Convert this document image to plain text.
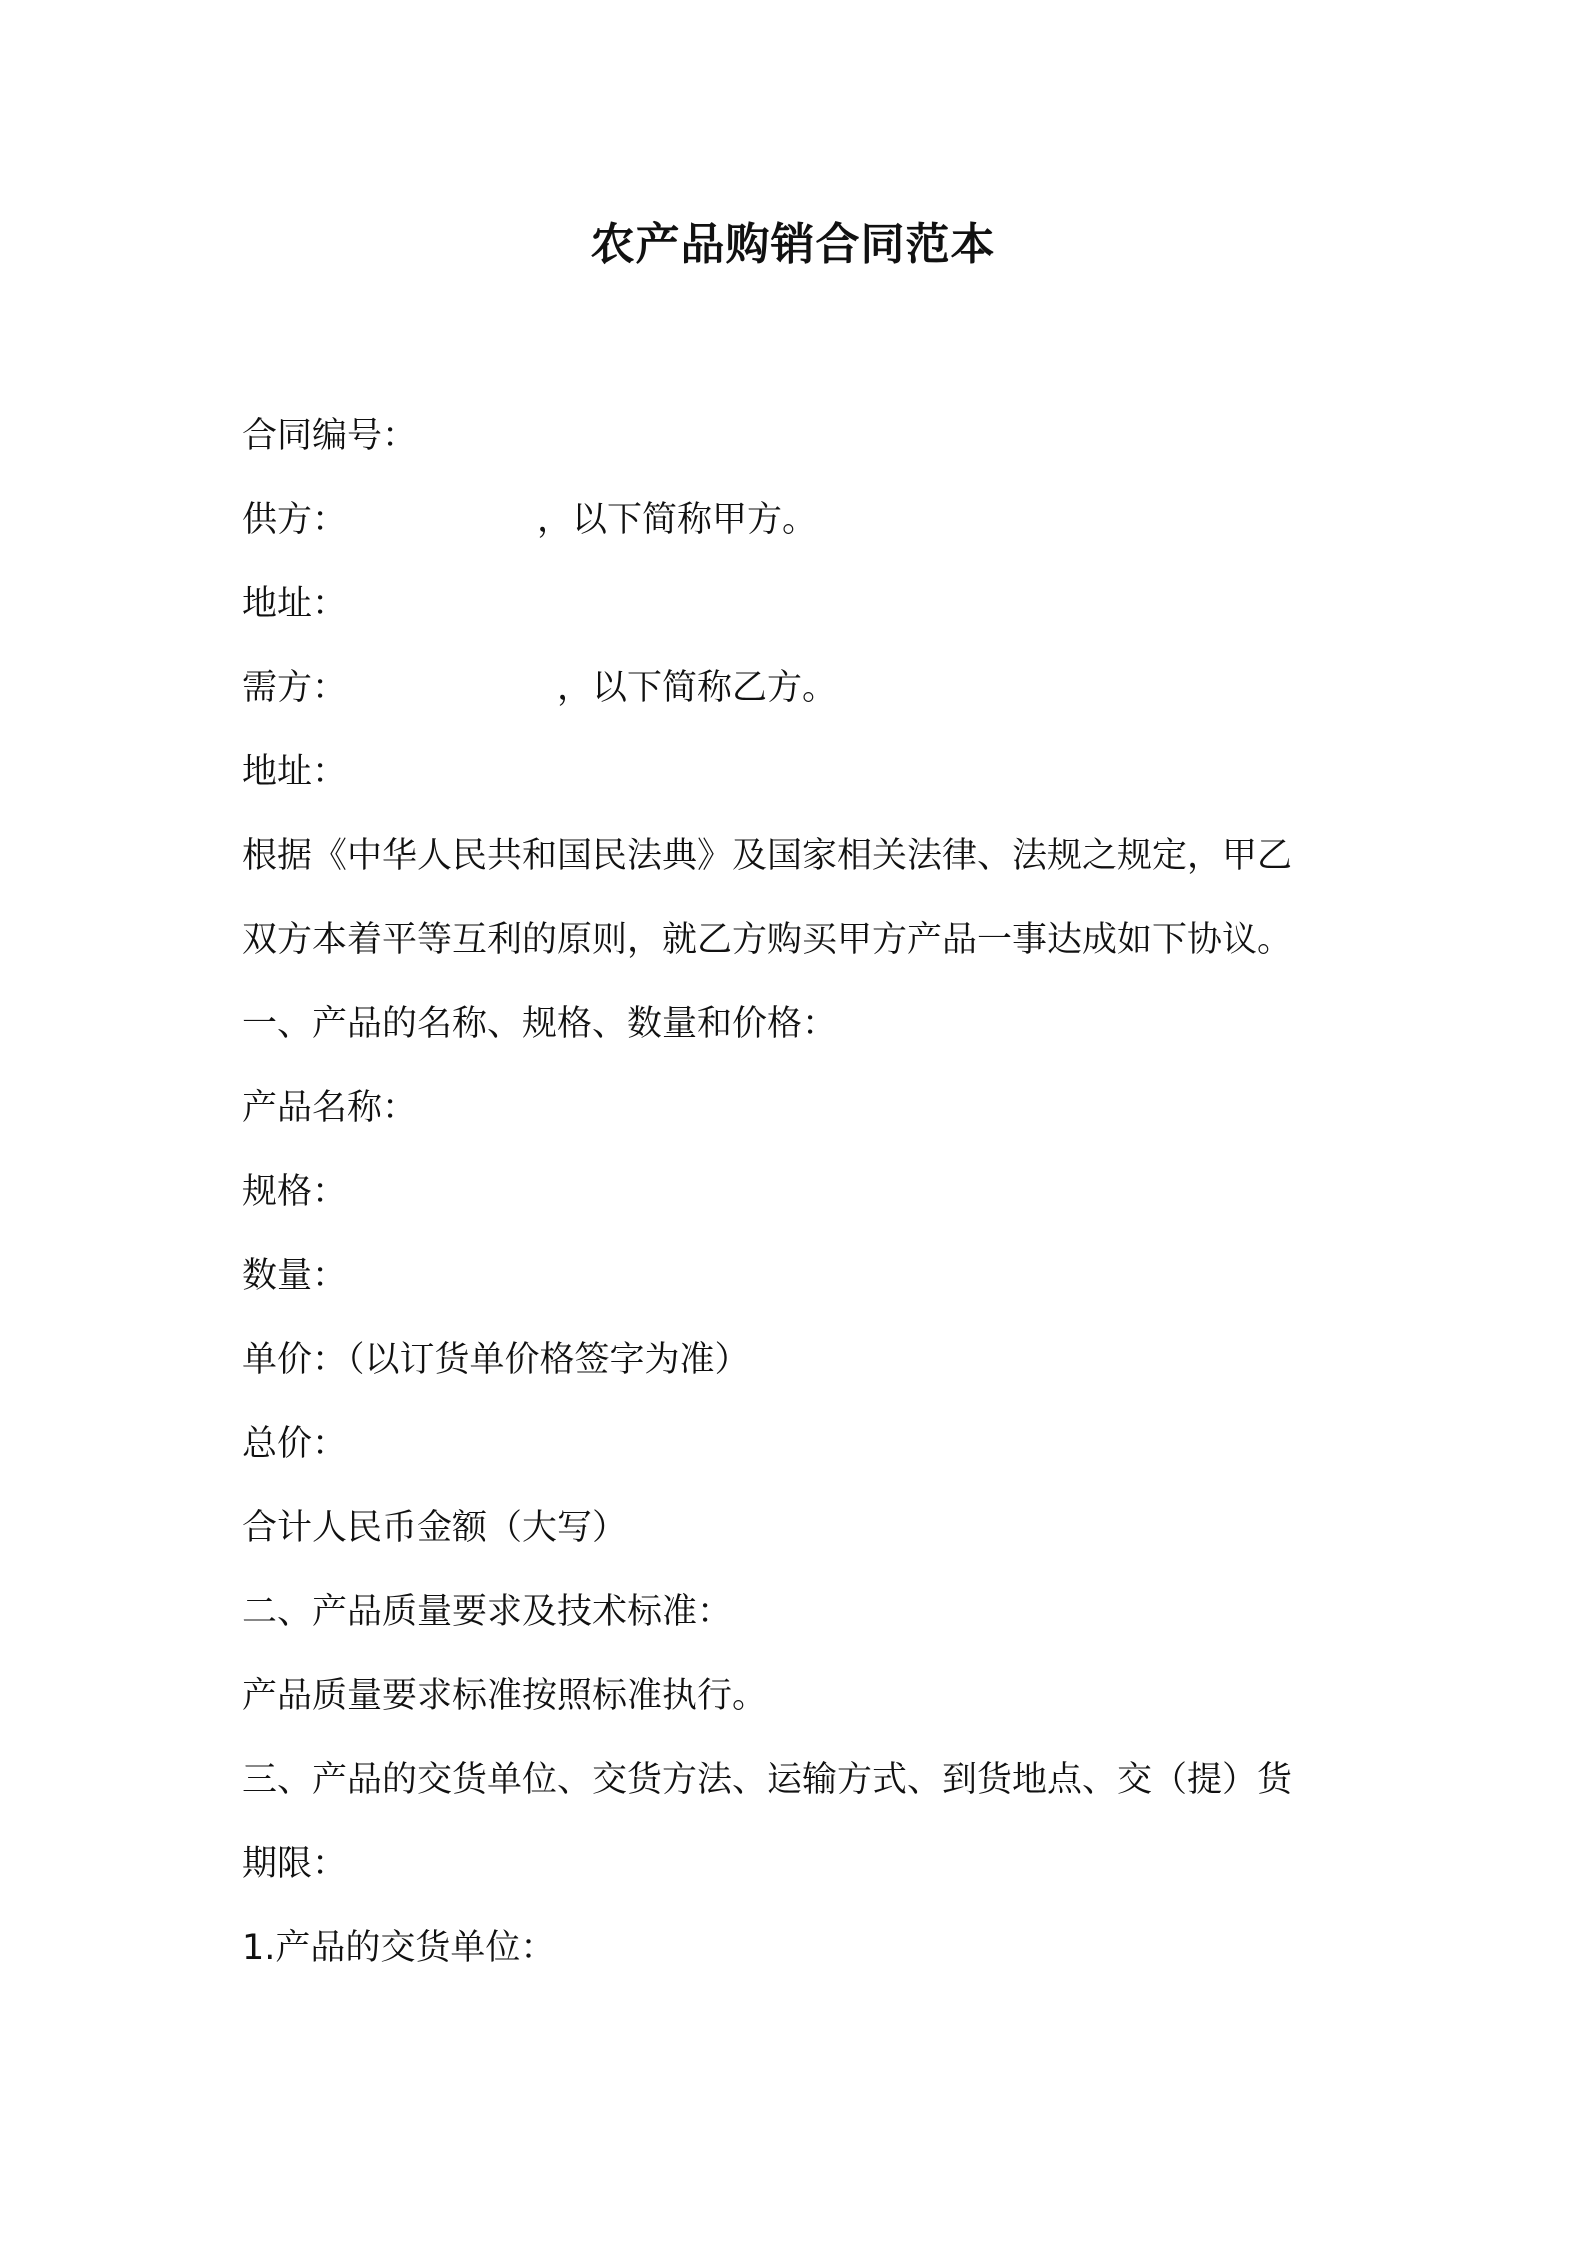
农产品购销合同范本
合同编号：
供方：	，以下简称甲方。
地址：
需方：	，以下简称乙方。
地址：
根据《中华人民共和国民法典》及国家相关法律、法规之规定，甲乙
双方本着平等互利的原则，就乙方购买甲方产品一事达成如下协议。
一、产品的名称、规格、数量和价格：
产品名称：
规格：
数量：
单价：（以订货单价格签字为准）
总价：
合计人民币金额（大写）
二、产品质量要求及技术标准：
产品质量要求标准按照标准执行。
三、产品的交货单位、交货方法、运输方式、到货地点、交（提）货
期限：
1.产品的交货单位：
